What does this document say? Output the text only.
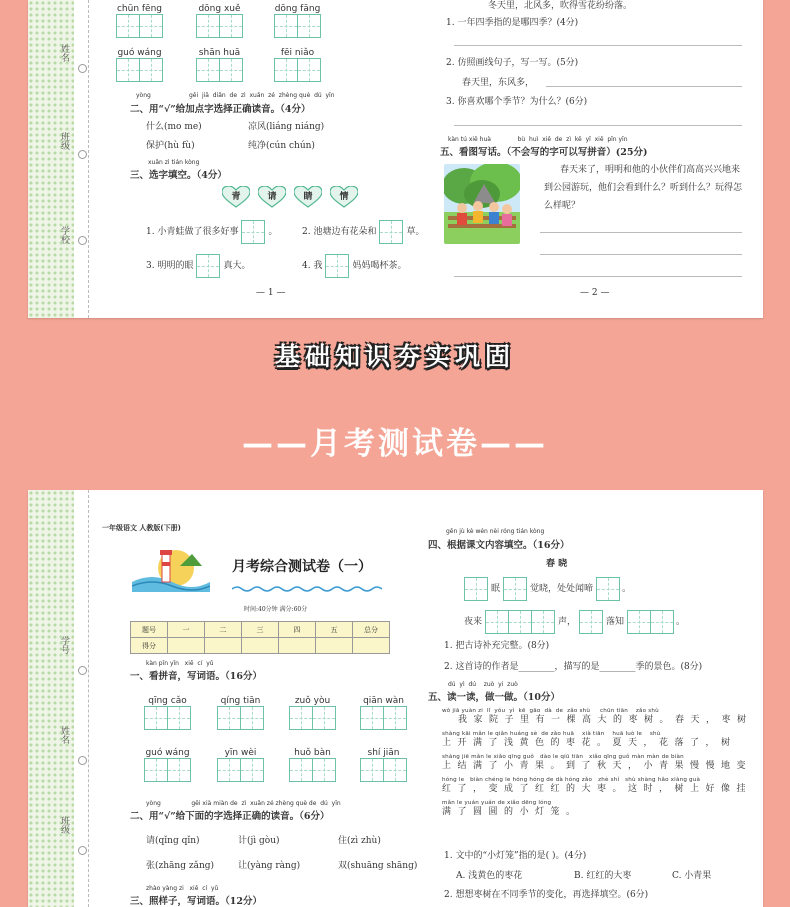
姓名
班级
学校
chūn fēng	dōng xuě	dōng fāng
guó wáng	shān huā	fēi niǎo
yòng                    gěi  jiā  diǎn  de  zì  xuǎn  zé  zhèng què  dú  yīn
二、用“√”给加点字选择正确读音。（4分）
什么(mo me)	凉风(liáng niáng)
保护(hù fù)	纯净(cún chún)
xuǎn zì tián kòng
三、选字填空。（4分）
青	请	睛	情
1. 小青蛙做了很多好事	。	2. 池塘边有花朵和	草。
3. 明明的眼	真大。	4. 我	妈妈喝杯茶。
— 1 —
冬天里，北风多，吹得雪花纷纷落。
1. 一年四季指的是哪四季？(4分)
2. 仿照画线句子，写一写。(5分)
春天里，东风多，
3. 你喜欢哪个季节？为什么？(6分)
kàn tú xiě huà              bù  huì  xiě  de  zì  kě  yǐ  xiě  pīn yīn
五、看图写话。（不会写的字可以写拼音）(25分)
春天来了，明明和他的小伙伴们高高兴兴地来
到公园游玩，他们会看到什么？听到什么？玩得怎
么样呢？
— 2 —
基础知识夯实巩固
——月考测试卷——
学号
姓名
班级
一年级语文 人教版(下册)
月考综合测试卷（一）
时间:40分钟 满分:60分
题号	一	二	三	四	五	总分
得分						
kàn pīn yīn   xiě  cí  yǔ
一、看拼音，写词语。（16分）
qīng cǎo	qíng tiān	zuǒ yòu	qiān wàn
guó wáng	yīn wèi	huǒ bàn	shí jiān
yòng                gěi xià miàn de  zì  xuǎn zé zhèng què de  dú  yīn
二、用“√”给下面的字选择正确的读音。（6分）
请(qǐng qǐn)	计(jì gòu)	住(zì zhù)
张(zhāng zǎng)	让(yàng ràng)	双(shuāng shāng)
zhào yàng zi   xiě  cí  yǔ
三、照样子，写词语。（12分）
gēn jù kè wén nèi róng tián kòng
四、根据课文内容填空。（16分）
春 晓
眠	觉晓，处处闻啼	。
夜来	声，	落知	。
1. 把古诗补充完整。(8分)
2. 这首诗的作者是________，描写的是________季的景色。(8分)
dú  yì  dú    zuò  yi  zuò
五、读一读，做一做。（10分）
wǒ jiā yuàn zi  lǐ  yǒu  yì  kē  gāo  dà  de  zǎo shù     chūn tiān    zǎo shù
我家院子里有一棵高大的枣树。春天，枣树
shàng kāi mǎn le qiǎn huáng sè  de zǎo huā    xià tiān    huā luò le    shù
上开满了浅黄色的枣花。夏天，花落了，树
shàng jiē mǎn le xiǎo qīng guǒ   dào le qiū tiān   xiǎo qīng guǒ màn màn de biàn
上结满了小青果。到了秋天，小青果慢慢地变
hóng le   biàn chéng le hóng hóng de dà hóng zǎo   zhè shí   shù shàng hǎo xiàng guà
红了，变成了红红的大枣。这时，树上好像挂
mǎn le yuán yuán de xiǎo dēng lóng
满了圆圆的小灯笼。
1. 文中的“小灯笼”指的是( )。(4分)
A. 浅黄色的枣花	B. 红红的大枣	C. 小青果
2. 想想枣树在不同季节的变化，再选择填空。(6分)
